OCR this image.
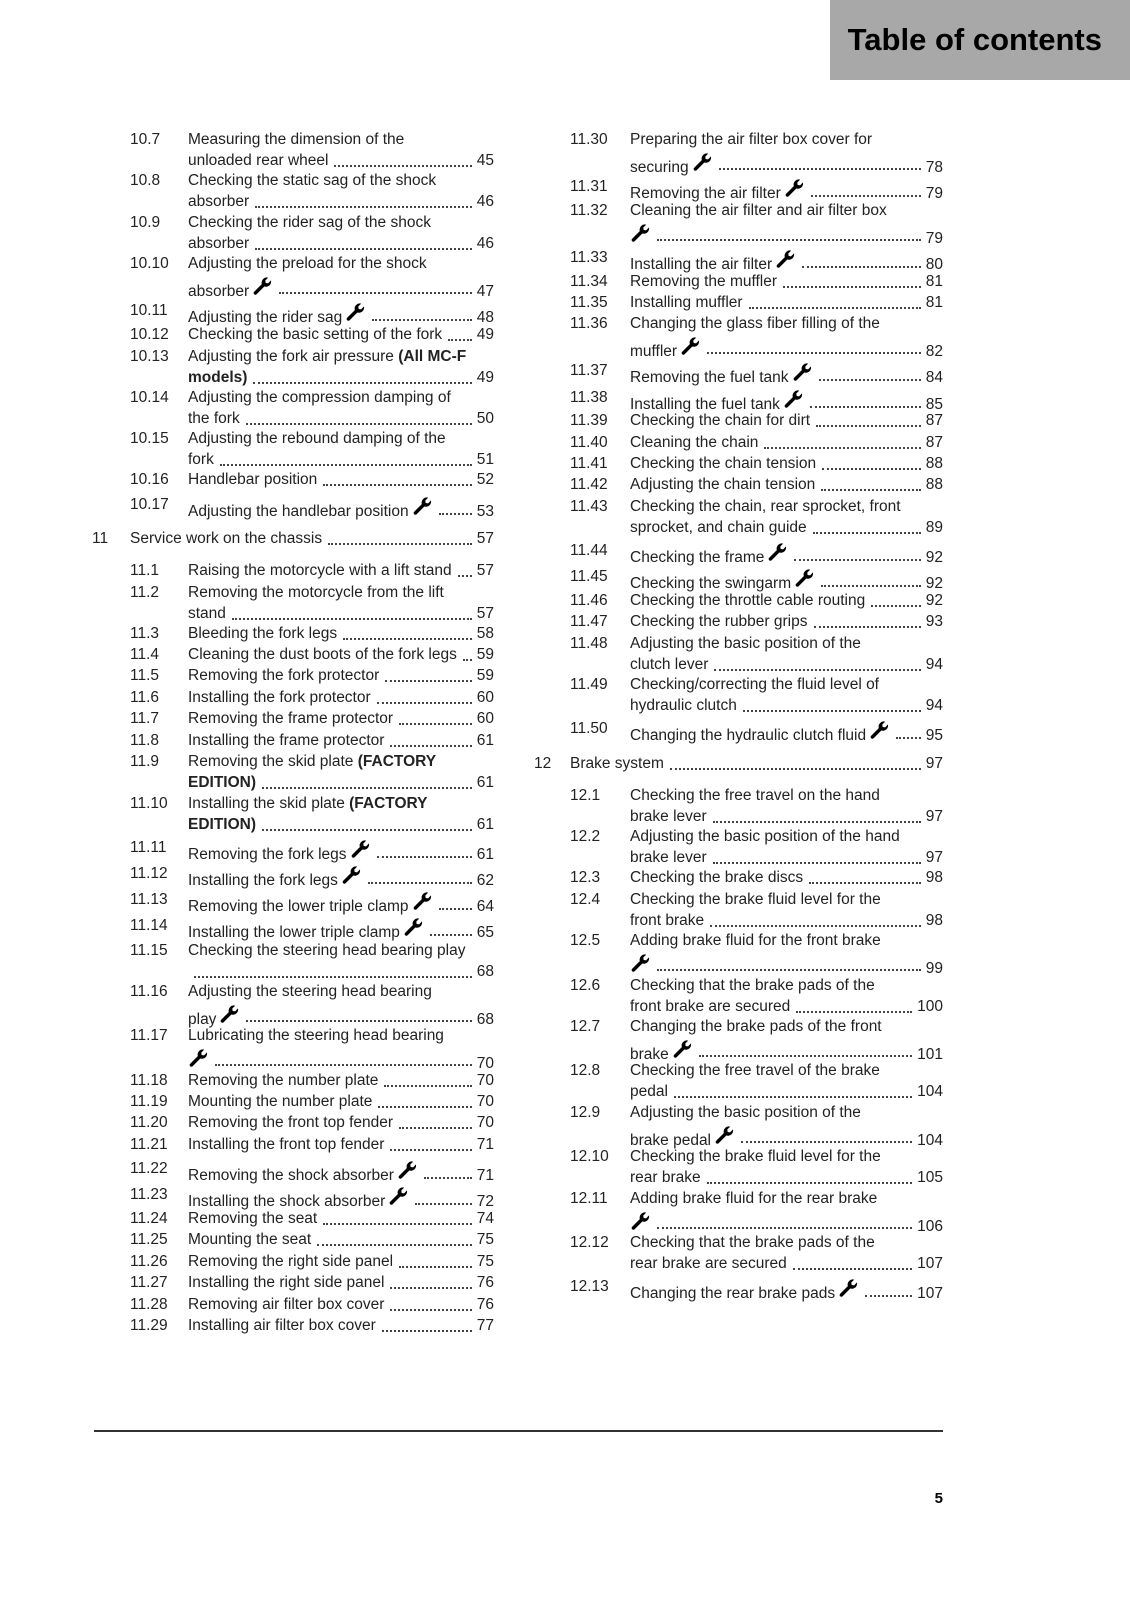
Table of contents
10.7 Measuring the dimension of the
unloaded rear wheel	45
10.8 Checking the static sag of the shock
absorber	46
10.9 Checking the rider sag of the shock
absorber	46
10.10 Adjusting the preload for the shock
absorber	47
10.11 Adjusting the rider sag	48
10.12 Checking the basic setting of the fork 49
10.13 Adjusting the fork air pressure (All MC-F
models)	49
10.14 Adjusting the compression damping of
the fork	50
10.15 Adjusting the rebound damping of the
fork	51
10.16 Handlebar position	52
10.17 Adjusting the handlebar position	53
11 Service work on the chassis	57
11.1 Raising the motorcycle with a lift stand 57
11.2 Removing the motorcycle from the lift
stand	57
11.3 Bleeding the fork legs	58
11.4 Cleaning the dust boots of the fork legs 59
11.5 Removing the fork protector	59
11.6 Installing the fork protector	60
11.7 Removing the frame protector	60
11.8 Installing the frame protector	61
11.9 Removing the skid plate (FACTORY
EDITION)	61
11.10 Installing the skid plate (FACTORY
EDITION)	61
11.11 Removing the fork legs	61
11.12 Installing the fork legs	62
11.13 Removing the lower triple clamp	64
11.14 Installing the lower triple clamp	65
11.15 Checking the steering head bearing play
68
11.16 Adjusting the steering head bearing
play	68
11.17 Lubricating the steering head bearing
70
11.18 Removing the number plate	70
11.19 Mounting the number plate	70
11.20 Removing the front top fender	70
11.21 Installing the front top fender	71
11.22 Removing the shock absorber	71
11.23 Installing the shock absorber	72
11.24 Removing the seat	74
11.25 Mounting the seat	75
11.26 Removing the right side panel	75
11.27 Installing the right side panel	76
11.28 Removing air filter box cover	76
11.29 Installing air filter box cover	77
11.30 Preparing the air filter box cover for
securing	78
11.31 Removing the air filter	79
11.32 Cleaning the air filter and air filter box
79
11.33 Installing the air filter	80
11.34 Removing the muffler	81
11.35 Installing muffler	81
11.36 Changing the glass fiber filling of the
muffler	82
11.37 Removing the fuel tank	84
11.38 Installing the fuel tank	85
11.39 Checking the chain for dirt	87
11.40 Cleaning the chain	87
11.41 Checking the chain tension	88
11.42 Adjusting the chain tension	88
11.43 Checking the chain, rear sprocket, front
sprocket, and chain guide	89
11.44 Checking the frame	92
11.45 Checking the swingarm	92
11.46 Checking the throttle cable routing	92
11.47 Checking the rubber grips	93
11.48 Adjusting the basic position of the
clutch lever	94
11.49 Checking/correcting the fluid level of
hydraulic clutch	94
11.50 Changing the hydraulic clutch fluid	95
12 Brake system	97
12.1 Checking the free travel on the hand
brake lever	97
12.2 Adjusting the basic position of the hand
brake lever	97
12.3 Checking the brake discs	98
12.4 Checking the brake fluid level for the
front brake	98
12.5 Adding brake fluid for the front brake
99
12.6 Checking that the brake pads of the
front brake are secured	100
12.7 Changing the brake pads of the front
brake	101
12.8 Checking the free travel of the brake
pedal	104
12.9 Adjusting the basic position of the
brake pedal	104
12.10 Checking the brake fluid level for the
rear brake	105
12.11 Adding brake fluid for the rear brake
106
12.12 Checking that the brake pads of the
rear brake are secured	107
12.13 Changing the rear brake pads	107
5
